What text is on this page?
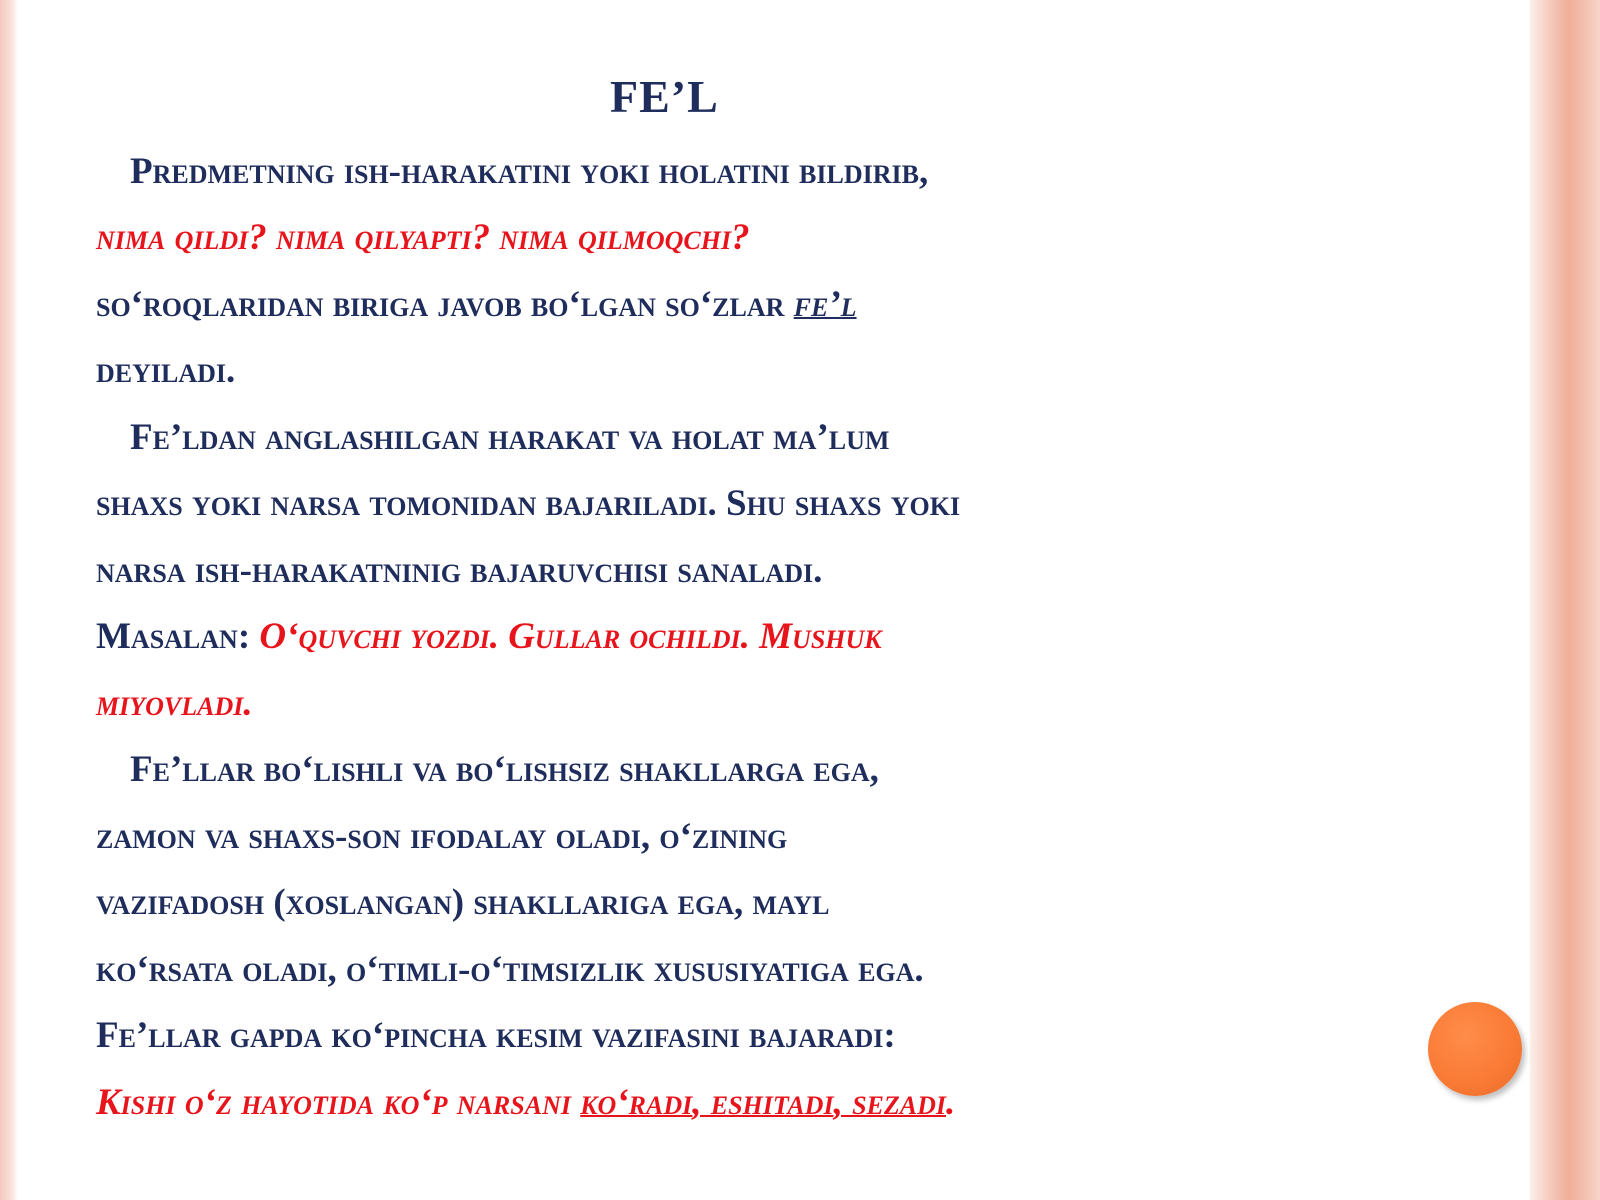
FE’L

Predmetning ish-harakatini yoki holatini bildirib,
nima qildi? nima qilyapti? nima qilmoqchi?
so‘roqlaridan biriga javob bo‘lgan so‘zlar fe’l
deyiladi.
Fe’ldan anglashilgan harakat va holat ma’lum
shaxs yoki narsa tomonidan bajariladi. Shu shaxs yoki
narsa ish-harakatninig bajaruvchisi sanaladi.
Masalan: O‘quvchi yozdi. Gullar ochildi. Mushuk
miyovladi.
Fe’llar bo‘lishli va bo‘lishsiz shakllarga ega,
zamon va shaxs-son ifodalay oladi, o‘zining
vazifadosh (xoslangan) shakllariga ega, mayl
ko‘rsata oladi, o‘timli-o‘timsizlik xususiyatiga ega.
Fe’llar gapda ko‘pincha kesim vazifasini bajaradi:
Kishi o‘z hayotida ko‘p narsani ko‘radi, eshitadi, sezadi.
